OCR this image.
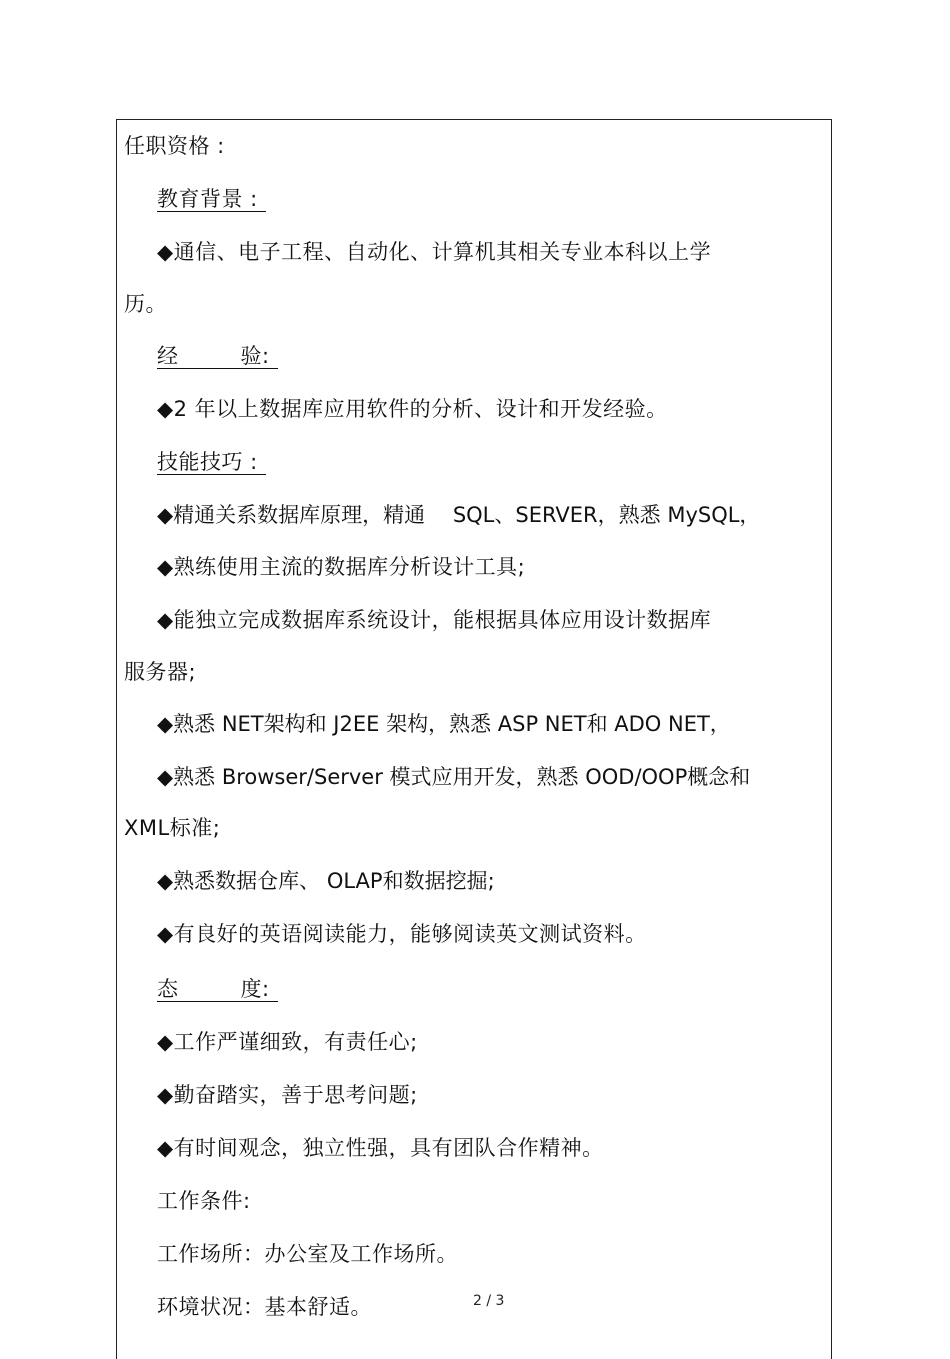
任职资格 :
教育背景 :
◆通信、电子工程、自动化、计算机其相关专业本科以上学
历。
经	验:
◆2 年以上数据库应用软件的分析、设计和开发经验。
技能技巧 :
◆精通关系数据库原理，精通　 SQL、SERVER，熟悉 MySQL，
◆熟练使用主流的数据库分析设计工具;
◆能独立完成数据库系统设计，能根据具体应用设计数据库
服务器;
◆熟悉 NET架构和 J2EE 架构，熟悉 ASP NET和 ADO NET，
◆熟悉 Browser/Server 模式应用开发，熟悉 OOD/OOP概念和
XML标准;
◆熟悉数据仓库、 OLAP和数据挖掘;
◆有良好的英语阅读能力，能够阅读英文测试资料。
态	度:
◆工作严谨细致，有责任心;
◆勤奋踏实，善于思考问题;
◆有时间观念，独立性强，具有团队合作精神。
工作条件:
工作场所：办公室及工作场所。
环境状况：基本舒适。	2 / 3
